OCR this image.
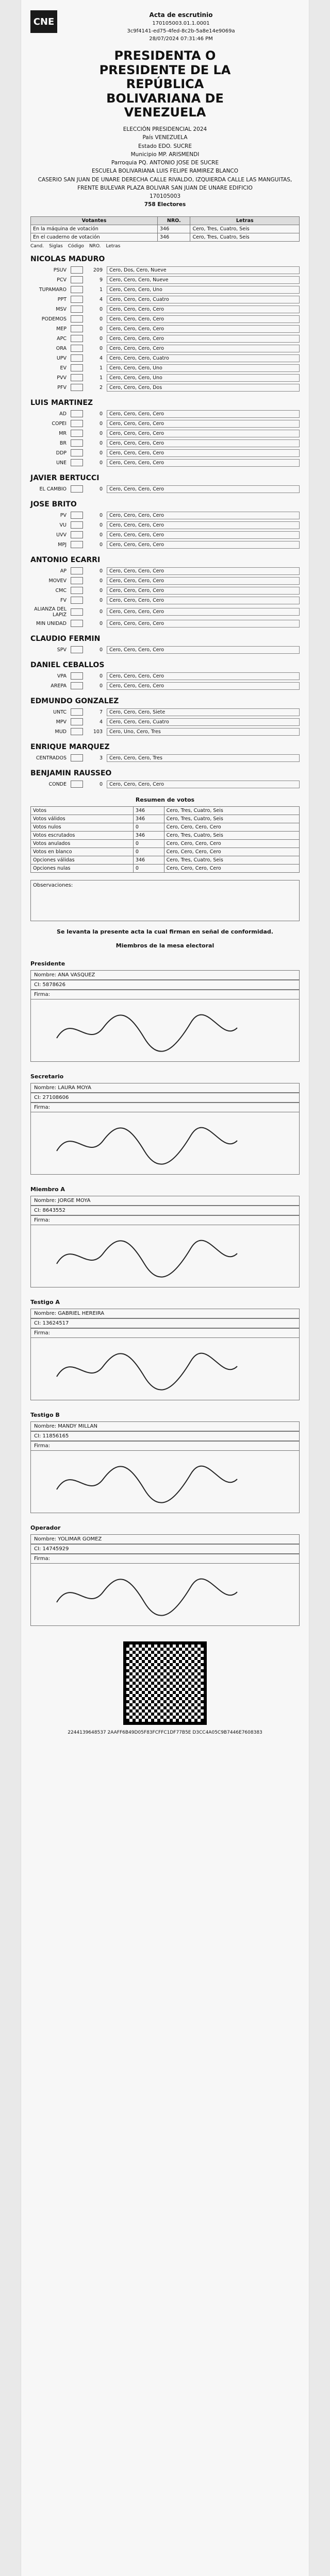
CNE
Acta de escrutinio
170105003.01.1.0001
3c9f4141-ed75-4fed-8c2b-5a8e14e9069a
28/07/2024 07:31:46 PM
PRESIDENTA O
PRESIDENTE DE LA
REPÚBLICA
BOLIVARIANA DE
VENEZUELA
ELECCIÓN PRESIDENCIAL 2024
País VENEZUELA
Estado EDO. SUCRE
Municipio MP. ARISMENDI
Parroquia PQ. ANTONIO JOSE DE SUCRE
ESCUELA BOLIVARIANA LUIS FELIPE RAMIREZ BLANCO
CASERIO SAN JUAN DE UNARE DERECHA CALLE RIVALDO, IZQUIERDA CALLE LAS MANGUITAS, FRENTE BULEVAR PLAZA BOLIVAR SAN JUAN DE UNARE EDIFICIO
170105003
758 Electores
Votantes	NRO.	Letras
En la máquina de votación	346	Cero, Tres, Cuatro, Seis
En el cuaderno de votación	346	Cero, Tres, Cuatro, Seis
Cand. Siglas Código NRO. Letras
NICOLAS MADURO
PSUV	209	Cero, Dos, Cero, Nueve
PCV	9	Cero, Cero, Cero, Nueve
TUPAMARO	1	Cero, Cero, Cero, Uno
PPT	4	Cero, Cero, Cero, Cuatro
MSV	0	Cero, Cero, Cero, Cero
PODEMOS	0	Cero, Cero, Cero, Cero
MEP	0	Cero, Cero, Cero, Cero
APC	0	Cero, Cero, Cero, Cero
ORA	0	Cero, Cero, Cero, Cero
UPV	4	Cero, Cero, Cero, Cuatro
EV	1	Cero, Cero, Cero, Uno
PVV	1	Cero, Cero, Cero, Uno
PFV	2	Cero, Cero, Cero, Dos
LUIS MARTINEZ
AD	0	Cero, Cero, Cero, Cero
COPEI	0	Cero, Cero, Cero, Cero
MR	0	Cero, Cero, Cero, Cero
BR	0	Cero, Cero, Cero, Cero
DDP	0	Cero, Cero, Cero, Cero
UNE	0	Cero, Cero, Cero, Cero
JAVIER BERTUCCI
EL CAMBIO	0	Cero, Cero, Cero, Cero
JOSE BRITO
PV	0	Cero, Cero, Cero, Cero
VU	0	Cero, Cero, Cero, Cero
UVV	0	Cero, Cero, Cero, Cero
MPJ	0	Cero, Cero, Cero, Cero
ANTONIO ECARRI
AP	0	Cero, Cero, Cero, Cero
MOVEV	0	Cero, Cero, Cero, Cero
CMC	0	Cero, Cero, Cero, Cero
FV	0	Cero, Cero, Cero, Cero
ALIANZA DEL LAPIZ	0	Cero, Cero, Cero, Cero
MIN UNIDAD	0	Cero, Cero, Cero, Cero
CLAUDIO FERMIN
SPV	0	Cero, Cero, Cero, Cero
DANIEL CEBALLOS
VPA	0	Cero, Cero, Cero, Cero
AREPA	0	Cero, Cero, Cero, Cero
EDMUNDO GONZALEZ
UNTC	7	Cero, Cero, Cero, Siete
MPV	4	Cero, Cero, Cero, Cuatro
MUD	103	Cero, Uno, Cero, Tres
ENRIQUE MARQUEZ
CENTRADOS	3	Cero, Cero, Cero, Tres
BENJAMIN RAUSSEO
CONDE	0	Cero, Cero, Cero, Cero
Resumen de votos
Votos	346	Cero, Tres, Cuatro, Seis
Votos válidos	346	Cero, Tres, Cuatro, Seis
Votos nulos	0	Cero, Cero, Cero, Cero
Votos escrutados	346	Cero, Tres, Cuatro, Seis
Votos anulados	0	Cero, Cero, Cero, Cero
Votos en blanco	0	Cero, Cero, Cero, Cero
Opciones válidas	346	Cero, Tres, Cuatro, Seis
Opciones nulas	0	Cero, Cero, Cero, Cero
Observaciones:
Se levanta la presente acta la cual firman en señal de conformidad.
Miembros de la mesa electoral
Presidente
Nombre: ANA VASQUEZ
CI: 5878626
Firma:
Secretario
Nombre: LAURA MOYA
CI: 27108606
Firma:
Miembro A
Nombre: JORGE MOYA
CI: 8643552
Firma:
Testigo A
Nombre: GABRIEL HEREIRA
CI: 13624517
Firma:
Testigo B
Nombre: MANDY MILLAN
CI: 11856165
Firma:
Operador
Nombre: YOLIMAR GOMEZ
CI: 14745929
Firma:
2244139648537 2AAFF6B49D05F83FCFFC1DF77B5E D3CC4A05C9B7446E7608383
